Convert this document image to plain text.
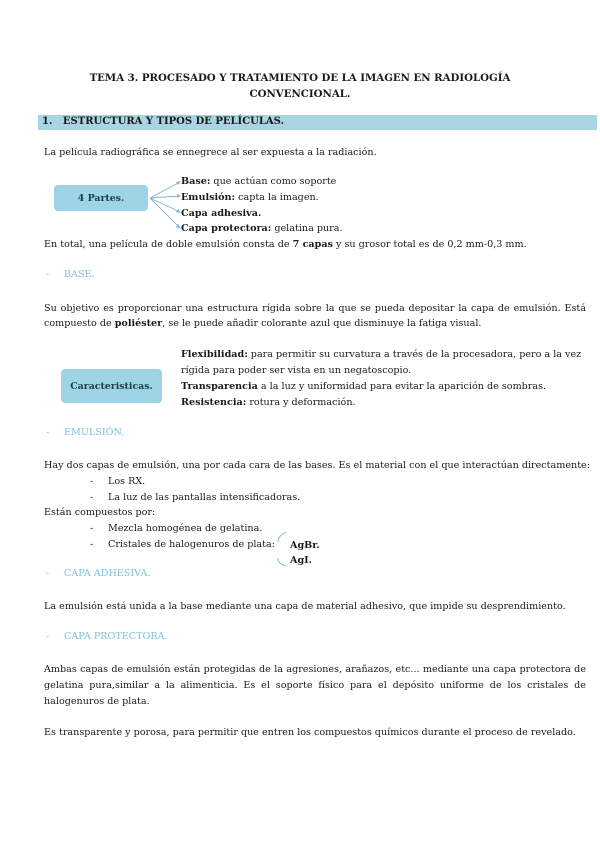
TEMA 3. PROCESADO Y TRATAMIENTO DE LA IMAGEN EN RADIOLOGÍA
CONVENCIONAL.
1. ESTRUCTURA Y TIPOS DE PELÍCULAS.
La película radiográfica se ennegrece al ser expuesta a la radiación.
4 Partes.
Base: que actúan como soporte
Emulsión: capta la imagen.
Capa adhesiva.
Capa protectora: gelatina pura.
En total, una película de doble emulsión consta de 7 capas y su grosor total es de 0,2 mm-0,3 mm.
- BASE.
Su objetivo es proporcionar una estructura rígida sobre la que se pueda depositar la capa de emulsión. Está compuesto de poliéster, se le puede añadir colorante azul que disminuye la fatiga visual.
Caracteristicas.
Flexibilidad: para permitir su curvatura a través de la procesadora, pero a la vez
rígida para poder ser vista en un negatoscopio.
Transparencia a la luz y uniformidad para evitar la aparición de sombras.
Resistencia: rotura y deformación.
- EMULSIÓN.
Hay dos capas de emulsión, una por cada cara de las bases. Es el material con el que interactúan directamente:
- Los RX.
- La luz de las pantallas intensificadoras.
Están compuestos por:
- Mezcla homogénea de gelatina.
- Cristales de halogenuros de plata: AgBr.
AgI.
- CAPA ADHESIVA.
La emulsión está unida a la base mediante una capa de material adhesivo, que impide su desprendimiento.
- CAPA PROTECTORA.
Ambas capas de emulsión están protegidas de la agresiones, arañazos, etc... mediante una capa protectora de
gelatina pura,similar a la alimenticia. Es el soporte físico para el depósito uniforme de los cristales de
halogenuros de plata.
Es transparente y porosa, para permitir que entren los compuestos químicos durante el proceso de revelado.
